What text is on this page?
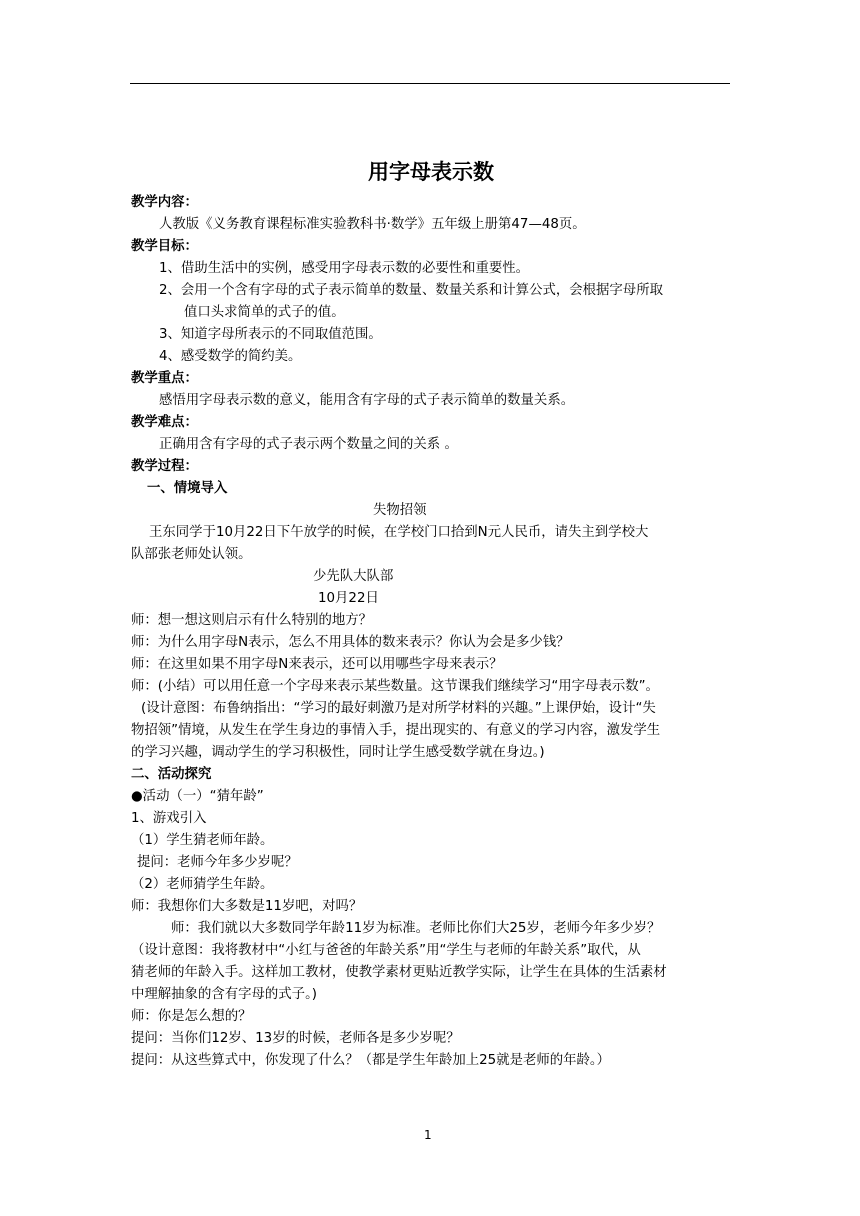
用字母表示数
教学内容：
人教版《义务教育课程标准实验教科书·数学》五年级上册第47—48页。
教学目标：
1、借助生活中的实例，感受用字母表示数的必要性和重要性。
2、会用一个含有字母的式子表示简单的数量、数量关系和计算公式，会根据字母所取
值口头求简单的式子的值。
3、知道字母所表示的不同取值范围。
4、感受数学的简约美。
教学重点：
感悟用字母表示数的意义，能用含有字母的式子表示简单的数量关系。
教学难点：
正确用含有字母的式子表示两个数量之间的关系 。
教学过程：
一、情境导入
失物招领
王东同学于10月22日下午放学的时候，在学校门口拾到N元人民币，请失主到学校大
队部张老师处认领。
少先队大队部
10月22日
师：想一想这则启示有什么特别的地方？
师：为什么用字母N表示，怎么不用具体的数来表示？你认为会是多少钱？
师：在这里如果不用字母N来表示，还可以用哪些字母来表示？
师：(小结）可以用任意一个字母来表示某些数量。这节课我们继续学习“用字母表示数”。
(设计意图：布鲁纳指出：“学习的最好刺激乃是对所学材料的兴趣。”上课伊始，设计“失
物招领”情境，从发生在学生身边的事情入手，提出现实的、有意义的学习内容，激发学生
的学习兴趣，调动学生的学习积极性，同时让学生感受数学就在身边。)
二、活动探究
●活动（一）“猜年龄”
1、游戏引入
（1）学生猜老师年龄。
提问：老师今年多少岁呢？
（2）老师猜学生年龄。
师：我想你们大多数是11岁吧，对吗？
师：我们就以大多数同学年龄11岁为标准。老师比你们大25岁，老师今年多少岁？
（设计意图：我将教材中“小红与爸爸的年龄关系”用“学生与老师的年龄关系”取代，从
猜老师的年龄入手。这样加工教材，使教学素材更贴近教学实际，让学生在具体的生活素材
中理解抽象的含有字母的式子。)
师：你是怎么想的？
提问：当你们12岁、13岁的时候，老师各是多少岁呢？
提问：从这些算式中，你发现了什么？（都是学生年龄加上25就是老师的年龄。）
1
